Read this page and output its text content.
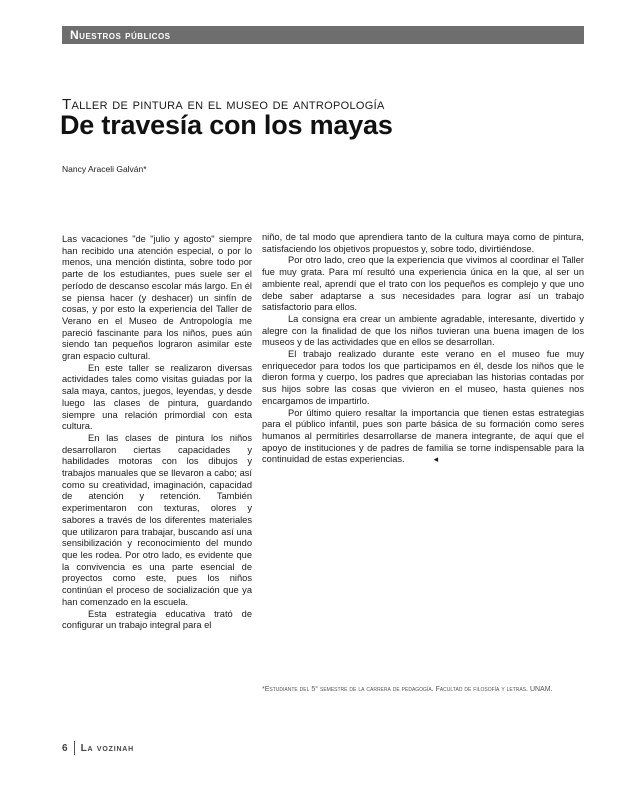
Nuestros públicos
Taller de pintura en el museo de antropología
De travesía con los mayas
Nancy Araceli Galván*

Las vacaciones "de "julio y agosto" siempre han recibido una atención especial, o por lo menos, una mención distinta, sobre todo por parte de los estudiantes, pues suele ser el período de descanso escolar más largo. En él se piensa hacer (y deshacer) un sinfín de cosas, y por esto la experiencia del Taller de Verano en el Museo de Antropología me pareció fascinante para los niños, pues aún siendo tan pequeños lograron asimilar este gran espacio cultural.

En este taller se realizaron diversas actividades tales como visitas guiadas por la sala maya, cantos, juegos, leyendas, y desde luego las clases de pintura, guardando siempre una relación primordial con esta cultura.

En las clases de pintura los niños desarrollaron ciertas capacidades y habilidades motoras con los dibujos y trabajos manuales que se llevaron a cabo; así como su creatividad, imaginación, capacidad de atención y retención. También experimentaron con texturas, olores y sabores a través de los diferentes materiales que utilizaron para trabajar, buscando así una sensibilización y reconocimiento del mundo que les rodea. Por otro lado, es evidente que la convivencia es una parte esencial de proyectos como este, pues los niños continúan el proceso de socialización que ya han comenzado en la escuela.

Esta estrategia educativa trató de configurar un trabajo integral para el

niño, de tal modo que aprendiera tanto de la cultura maya como de pintura, satisfaciendo los objetivos propuestos y, sobre todo, divirtiéndose.

Por otro lado, creo que la experiencia que vivimos al coordinar el Taller fue muy grata. Para mí resultó una experiencia única en la que, al ser un ambiente real, aprendí que el trato con los pequeños es complejo y que uno debe saber adaptarse a sus necesidades para lograr así un trabajo satisfactorio para ellos.

La consigna era crear un ambiente agradable, interesante, divertido y alegre con la finalidad de que los niños tuvieran una buena imagen de los museos y de las actividades que en ellos se desarrollan.

El trabajo realizado durante este verano en el museo fue muy enriquecedor para todos los que participamos en él, desde los niños que le dieron forma y cuerpo, los padres que apreciaban las historias contadas por sus hijos sobre las cosas que vivieron en el museo, hasta quienes nos encargamos de impartirlo.

Por último quiero resaltar la importancia que tienen estas estrategias para el público infantil, pues son parte básica de su formación como seres humanos al permitirles desarrollarse de manera integrante, de aquí que el apoyo de instituciones y de padres de familia se torne indispensable para la continuidad de estas experiencias.	◂

*Estudiante del 5° semestre de la carrera de pedagogía. Facultad de filosofía y letras. UNAM.
6 La vozinah
